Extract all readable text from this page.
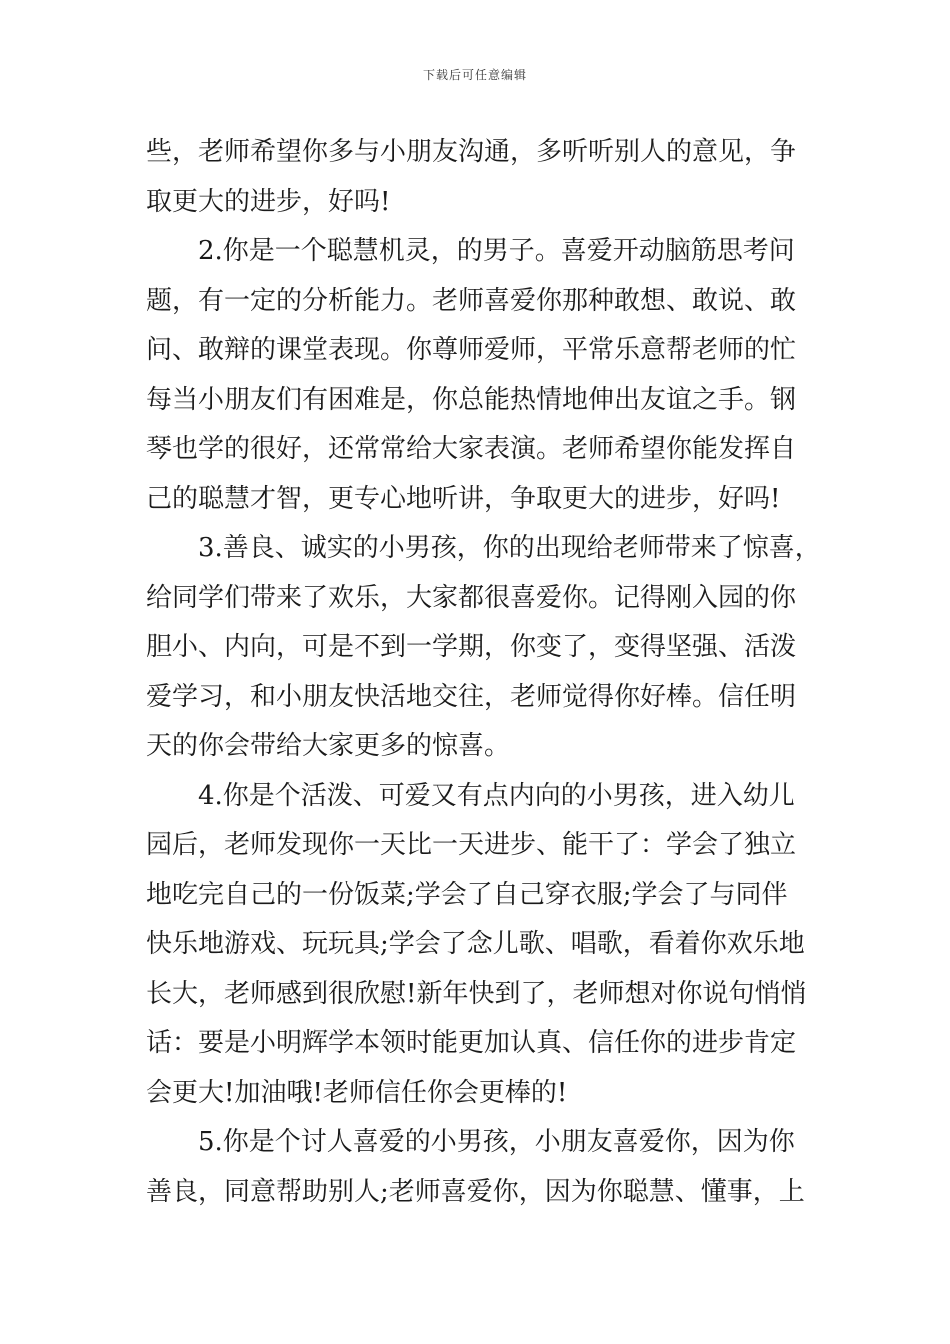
下载后可任意编辑
些，老师希望你多与小朋友沟通，多听听别人的意见，争
取更大的进步，好吗!
2.你是一个聪慧机灵，的男子。喜爱开动脑筋思考问
题，有一定的分析能力。老师喜爱你那种敢想、敢说、敢
问、敢辩的课堂表现。你尊师爱师，平常乐意帮老师的忙
每当小朋友们有困难是，你总能热情地伸出友谊之手。钢
琴也学的很好，还常常给大家表演。老师希望你能发挥自
己的聪慧才智，更专心地听讲，争取更大的进步，好吗!
3.善良、诚实的小男孩，你的出现给老师带来了惊喜，
给同学们带来了欢乐，大家都很喜爱你。记得刚入园的你
胆小、内向，可是不到一学期，你变了，变得坚强、活泼
爱学习，和小朋友快活地交往，老师觉得你好棒。信任明
天的你会带给大家更多的惊喜。
4.你是个活泼、可爱又有点内向的小男孩，进入幼儿
园后，老师发现你一天比一天进步、能干了：学会了独立
地吃完自己的一份饭菜;学会了自己穿衣服;学会了与同伴
快乐地游戏、玩玩具;学会了念儿歌、唱歌，看着你欢乐地
长大，老师感到很欣慰!新年快到了，老师想对你说句悄悄
话：要是小明辉学本领时能更加认真、信任你的进步肯定
会更大!加油哦!老师信任你会更棒的!
5.你是个讨人喜爱的小男孩，小朋友喜爱你，因为你
善良，同意帮助别人;老师喜爱你，因为你聪慧、懂事，上
